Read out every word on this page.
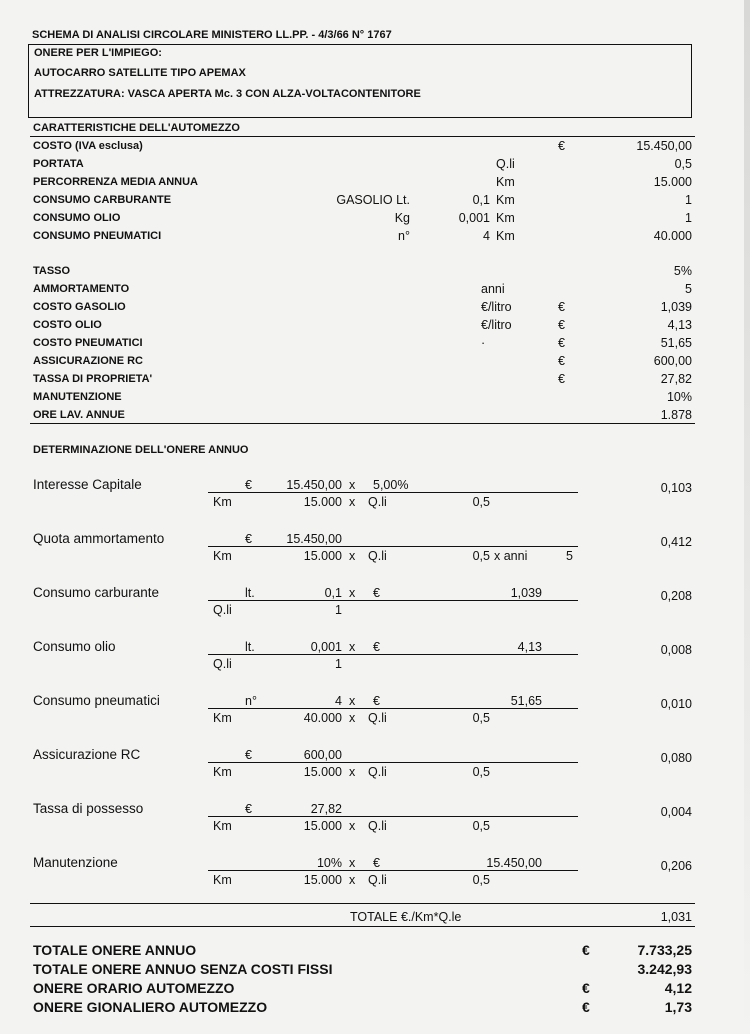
SCHEMA DI ANALISI CIRCOLARE MINISTERO LL.PP. - 4/3/66 N° 1767
ONERE PER L'IMPIEGO:
AUTOCARRO SATELLITE TIPO APEMAX
ATTREZZATURA: VASCA APERTA Mc. 3 CON ALZA-VOLTACONTENITORE
CARATTERISTICHE DELL'AUTOMEZZO
COSTO (IVA esclusa)	€	15.450,00
PORTATA	Q.li	0,5
PERCORRENZA MEDIA ANNUA	Km	15.000
CONSUMO CARBURANTE	GASOLIO Lt.	0,1 Km	1
CONSUMO OLIO	Kg	0,001 Km	1
CONSUMO PNEUMATICI	n°	4 Km	40.000
TASSO	5%
AMMORTAMENTO	anni	5
COSTO GASOLIO	€/litro	€	1,039
COSTO OLIO	€/litro	€	4,13
COSTO PNEUMATICI	·	€	51,65
ASSICURAZIONE RC	€	600,00
TASSA DI PROPRIETA'	€	27,82
MANUTENZIONE	10%
ORE LAV. ANNUE	1.878
DETERMINAZIONE DELL'ONERE ANNUO
Interesse Capitale	€	15.450,00 x 5,00%
Km	15.000 x Q.li	0,5
0,103
Quota ammortamento	€	15.450,00
Km	15.000 x Q.li	0,5 x anni	5
0,412
Consumo carburante	lt.	0,1 x €	1,039
Q.li	1
0,208
Consumo olio	lt.	0,001 x €	4,13
Q.li	1
0,008
Consumo pneumatici	n°	4 x €	51,65
Km	40.000 x Q.li	0,5
0,010
Assicurazione RC	€	600,00
Km	15.000 x Q.li	0,5
0,080
Tassa di possesso	€	27,82
Km	15.000 x Q.li	0,5
0,004
Manutenzione	10% x €	15.450,00
Km	15.000 x Q.li	0,5
0,206
TOTALE €./Km*Q.le	1,031
TOTALE ONERE ANNUO	€	7.733,25
TOTALE ONERE ANNUO SENZA COSTI FISSI	3.242,93
ONERE ORARIO AUTOMEZZO	€	4,12
ONERE GIONALIERO AUTOMEZZO	€	1,73
